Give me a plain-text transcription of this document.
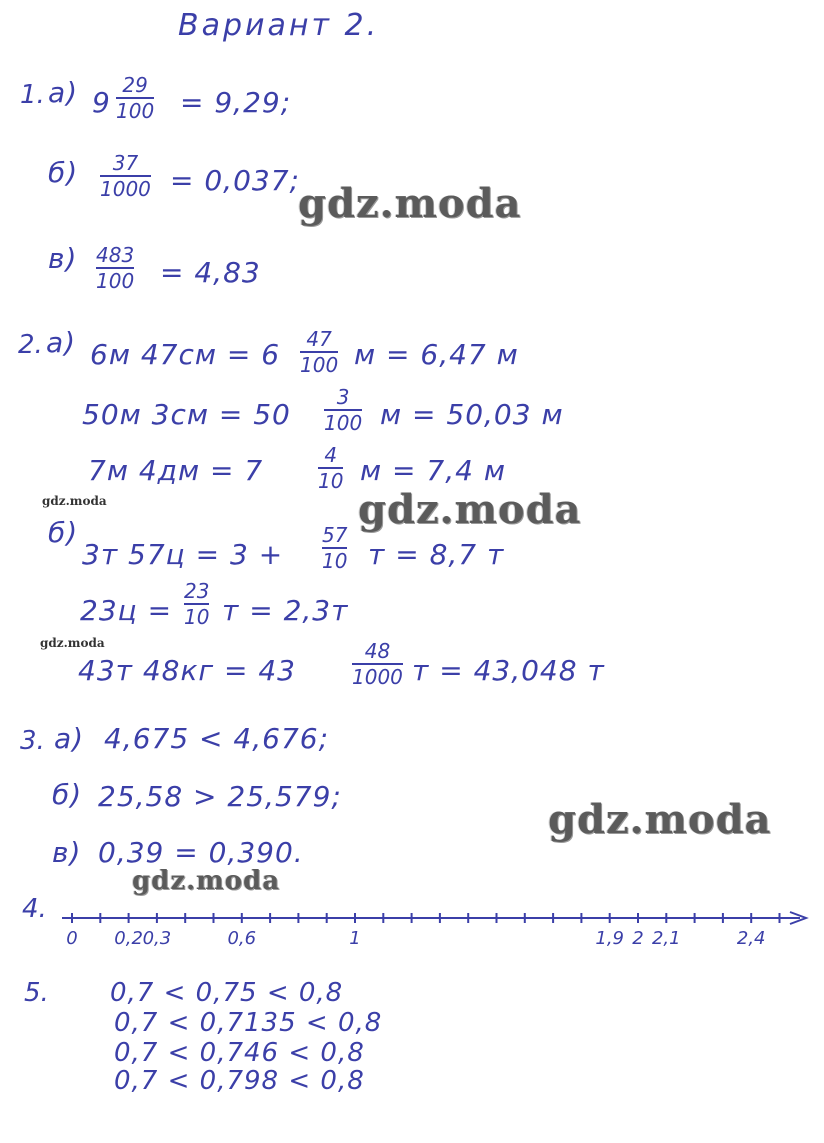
Вариант 2.
1. а) 9
29
100 = 9,29;
б) 37
1000 = 0,037;
в) 483
100 = 4,83
2. а) 6м 47см = 6 47
100 м = 6,47 м
50м 3см = 50
3
100 м = 50,03 м
7м 4дм = 7	4
10 м = 7,4 м
б)
3т 57ц = 3 +
57
10 т = 8,7 т
23ц =
23
10 т = 2,3т
43т 48кг = 43
48
1000 т = 43,048 т
3. а) 4,675 < 4,676;
б) 25,58 > 25,579;
в) 0,39 = 0,390.
4.
0 0,2 0,3	0,6	1	1,9 2 2,1	2,4
5. 0,7 < 0,75 < 0,8
0,7 < 0,7135 < 0,8
0,7 < 0,746 < 0,8
0,7 < 0,798 < 0,8
gdz.moda
gdz.moda
gdz.moda
gdz.moda
gdz.moda
gdz.moda
